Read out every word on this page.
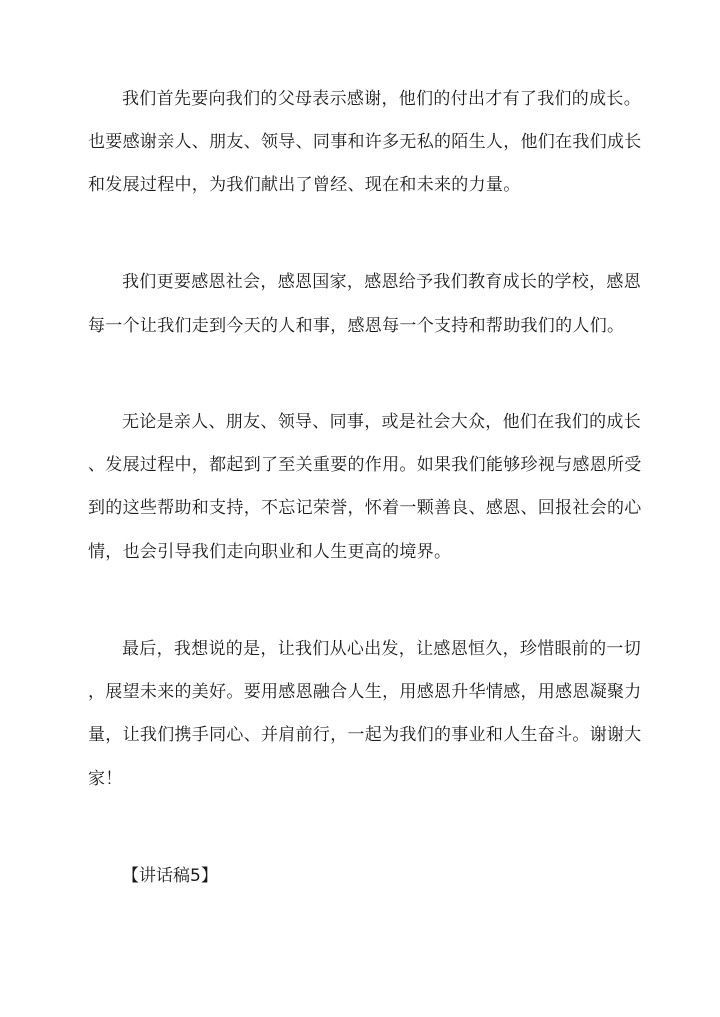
我们首先要向我们的父母表示感谢，他们的付出才有了我们的成长。
也要感谢亲人、朋友、领导、同事和许多无私的陌生人，他们在我们成长
和发展过程中，为我们献出了曾经、现在和未来的力量。
我们更要感恩社会，感恩国家，感恩给予我们教育成长的学校，感恩
每一个让我们走到今天的人和事，感恩每一个支持和帮助我们的人们。
无论是亲人、朋友、领导、同事，或是社会大众，他们在我们的成长
、发展过程中，都起到了至关重要的作用。如果我们能够珍视与感恩所受
到的这些帮助和支持，不忘记荣誉，怀着一颗善良、感恩、回报社会的心
情，也会引导我们走向职业和人生更高的境界。
最后，我想说的是，让我们从心出发，让感恩恒久，珍惜眼前的一切
，展望未来的美好。要用感恩融合人生，用感恩升华情感，用感恩凝聚力
量，让我们携手同心、并肩前行，一起为我们的事业和人生奋斗。谢谢大
家！
【讲话稿5】
